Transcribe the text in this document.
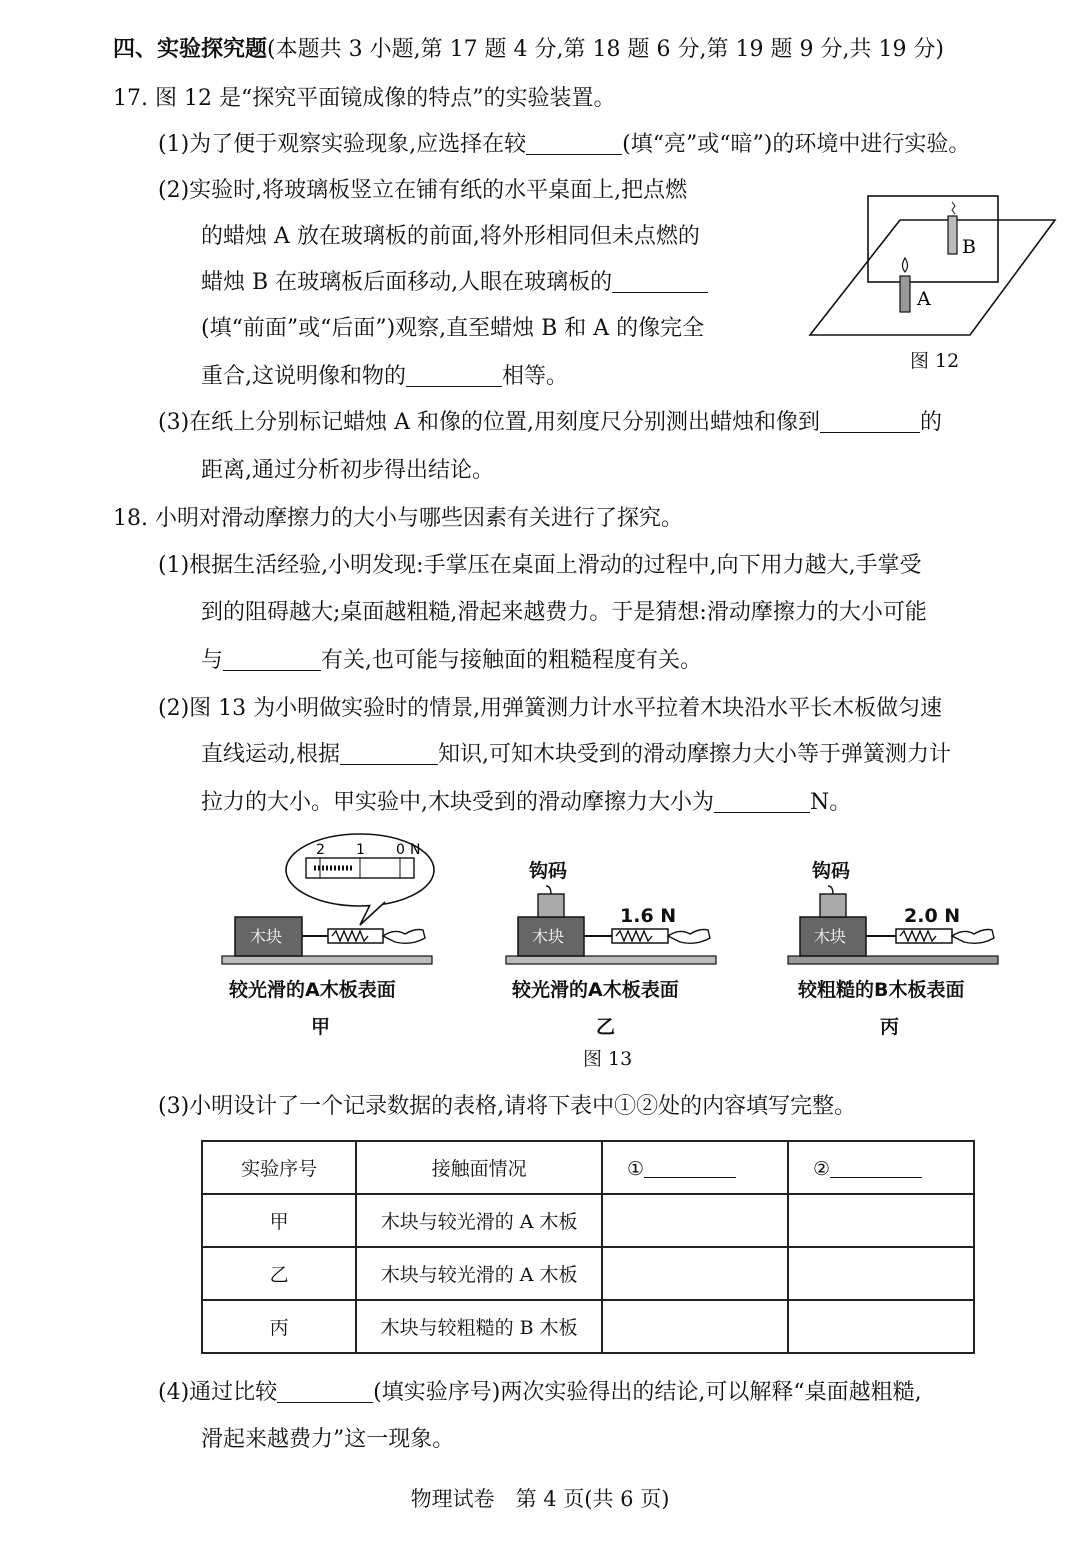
四、实验探究题(本题共 3 小题,第 17 题 4 分,第 18 题 6 分,第 19 题 9 分,共 19 分)
17. 图 12 是“探究平面镜成像的特点”的实验装置。
(1)为了便于观察实验现象,应选择在较	(填“亮”或“暗”)的环境中进行实验。
(2)实验时,将玻璃板竖立在铺有纸的水平桌面上,把点燃
的蜡烛 A 放在玻璃板的前面,将外形相同但未点燃的
蜡烛 B 在玻璃板后面移动,人眼在玻璃板的
(填“前面”或“后面”)观察,直至蜡烛 B 和 A 的像完全
重合,这说明像和物的	相等。
B
A
图 12
(3)在纸上分别标记蜡烛 A 和像的位置,用刻度尺分别测出蜡烛和像到	的
距离,通过分析初步得出结论。
18. 小明对滑动摩擦力的大小与哪些因素有关进行了探究。
(1)根据生活经验,小明发现:手掌压在桌面上滑动的过程中,向下用力越大,手掌受
到的阻碍越大;桌面越粗糙,滑起来越费力。于是猜想:滑动摩擦力的大小可能
与	有关,也可能与接触面的粗糙程度有关。
(2)图 13 为小明做实验时的情景,用弹簧测力计水平拉着木块沿水平长木板做匀速
直线运动,根据	知识,可知木块受到的滑动摩擦力大小等于弹簧测力计
拉力的大小。甲实验中,木块受到的滑动摩擦力大小为	N。
木块
0
1
2	N
木块	木块
钩码	钩码
1.6 N	2.0 N
较光滑的A木板表面	较光滑的A木板表面	较粗糙的B木板表面
甲	乙	丙
图 13
(3)小明设计了一个记录数据的表格,请将下表中①②处的内容填写完整。
实验序号	接触面情况	①	②
甲	木块与较光滑的 A 木板		
乙	木块与较光滑的 A 木板		
丙	木块与较粗糙的 B 木板		
(4)通过比较	(填实验序号)两次实验得出的结论,可以解释“桌面越粗糙,
滑起来越费力”这一现象。
物理试卷　第 4 页(共 6 页)
